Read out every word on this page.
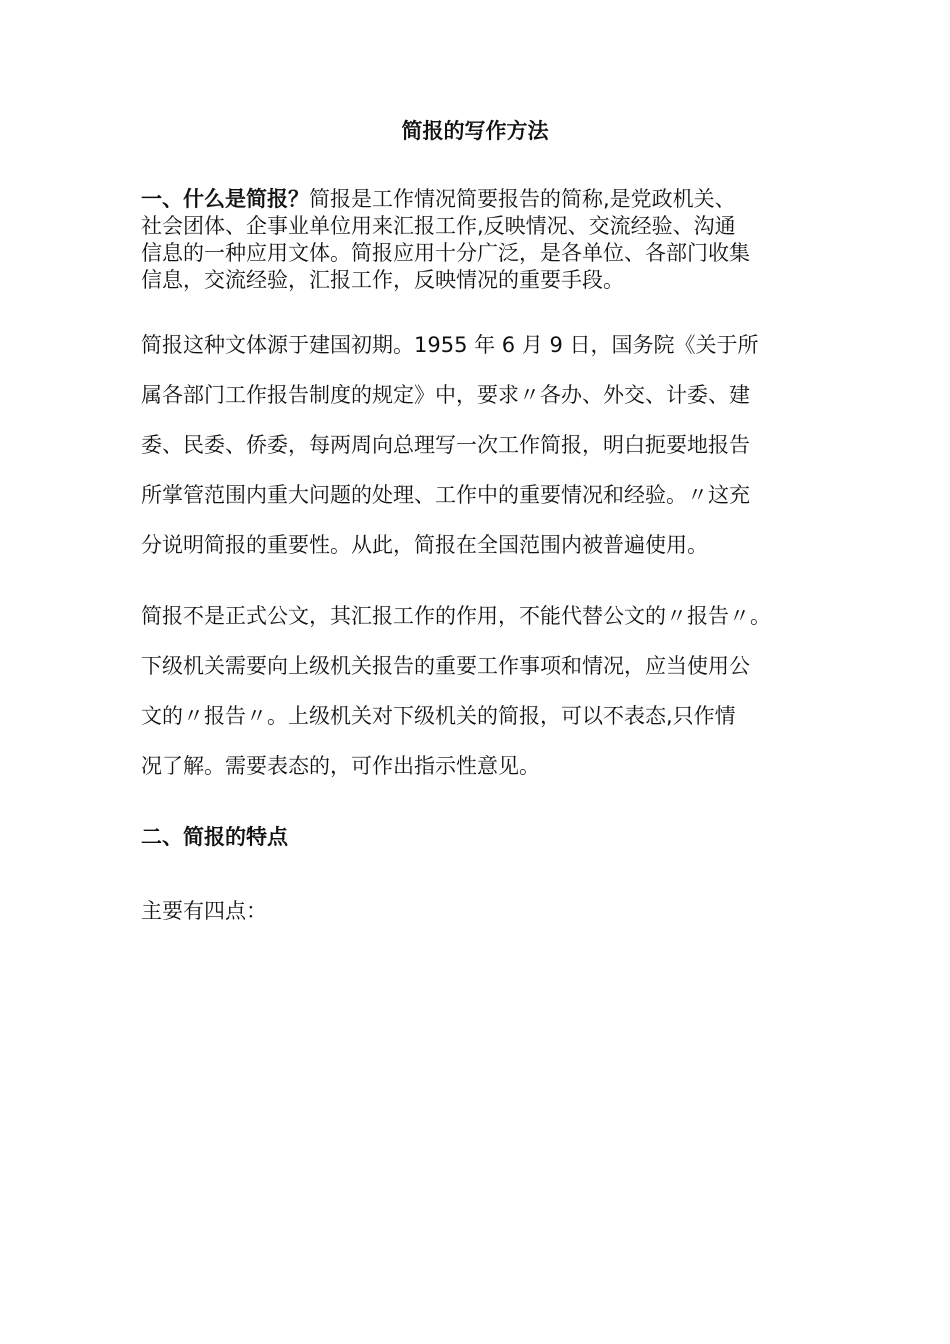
简报的写作方法
一、什么是简报？简报是工作情况简要报告的简称,是党政机关、
社会团体、企事业单位用来汇报工作,反映情况、交流经验、沟通
信息的一种应用文体。简报应用十分广泛，是各单位、各部门收集
信息，交流经验，汇报工作，反映情况的重要手段。
简报这种文体源于建国初期。1955 年 6 月 9 日，国务院《关于所
属各部门工作报告制度的规定》中，要求〃各办、外交、计委、建
委、民委、侨委，每两周向总理写一次工作简报，明白扼要地报告
所掌管范围内重大问题的处理、工作中的重要情况和经验。〃这充
分说明简报的重要性。从此，简报在全国范围内被普遍使用。
简报不是正式公文，其汇报工作的作用，不能代替公文的〃报告〃。
下级机关需要向上级机关报告的重要工作事项和情况，应当使用公
文的〃报告〃。上级机关对下级机关的简报，可以不表态,只作情
况了解。需要表态的，可作出指示性意见。
二、简报的特点
主要有四点：
